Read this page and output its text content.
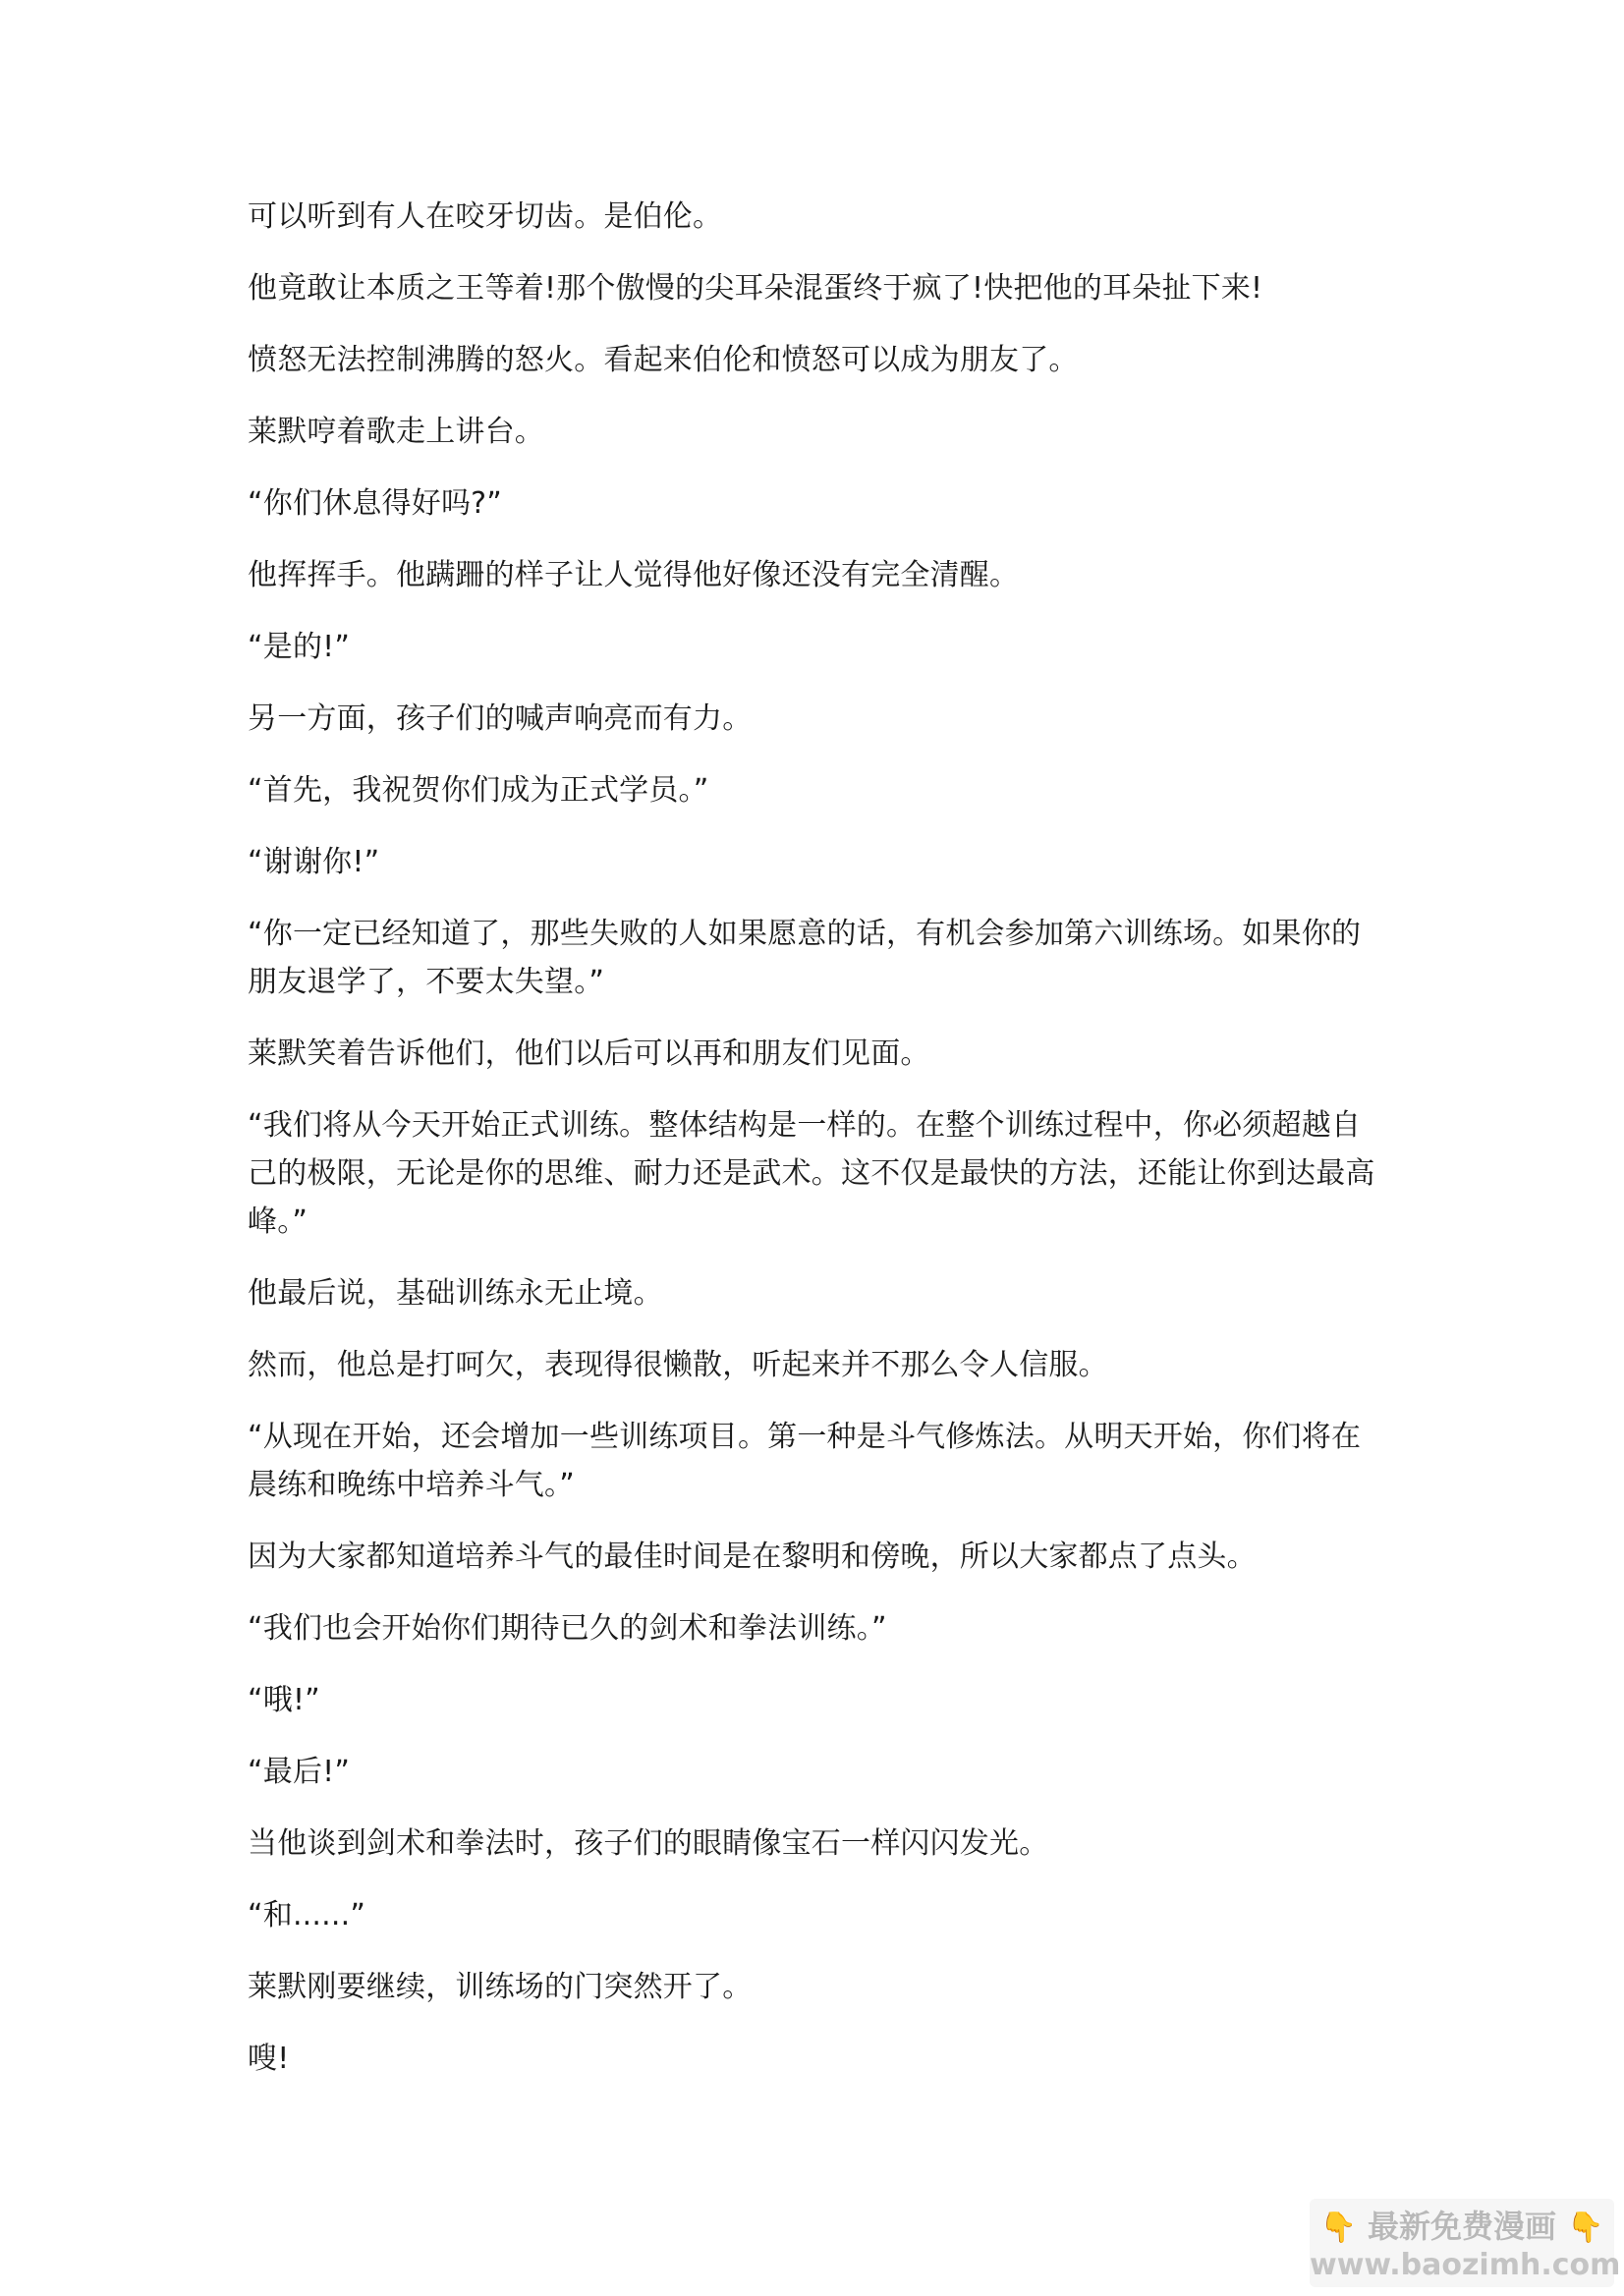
可以听到有人在咬牙切齿。是伯伦。

他竟敢让本质之王等着!那个傲慢的尖耳朵混蛋终于疯了!快把他的耳朵扯下来!

愤怒无法控制沸腾的怒火。看起来伯伦和愤怒可以成为朋友了。

莱默哼着歌走上讲台。

“你们休息得好吗?”

他挥挥手。他蹒跚的样子让人觉得他好像还没有完全清醒。

“是的!”

另一方面，孩子们的喊声响亮而有力。

“首先，我祝贺你们成为正式学员。”

“谢谢你!”

“你一定已经知道了，那些失败的人如果愿意的话，有机会参加第六训练场。如果你的朋友退学了，不要太失望。”

莱默笑着告诉他们，他们以后可以再和朋友们见面。

“我们将从今天开始正式训练。整体结构是一样的。在整个训练过程中，你必须超越自己的极限，无论是你的思维、耐力还是武术。这不仅是最快的方法，还能让你到达最高峰。”

他最后说，基础训练永无止境。

然而，他总是打呵欠，表现得很懒散，听起来并不那么令人信服。

“从现在开始，还会增加一些训练项目。第一种是斗气修炼法。从明天开始，你们将在晨练和晚练中培养斗气。”

因为大家都知道培养斗气的最佳时间是在黎明和傍晚，所以大家都点了点头。

“我们也会开始你们期待已久的剑术和拳法训练。”

“哦!”

“最后!”

当他谈到剑术和拳法时，孩子们的眼睛像宝石一样闪闪发光。

“和......”

莱默刚要继续，训练场的门突然开了。

嗖!

👇 最新免费漫画 👇
www.baozimh.com
